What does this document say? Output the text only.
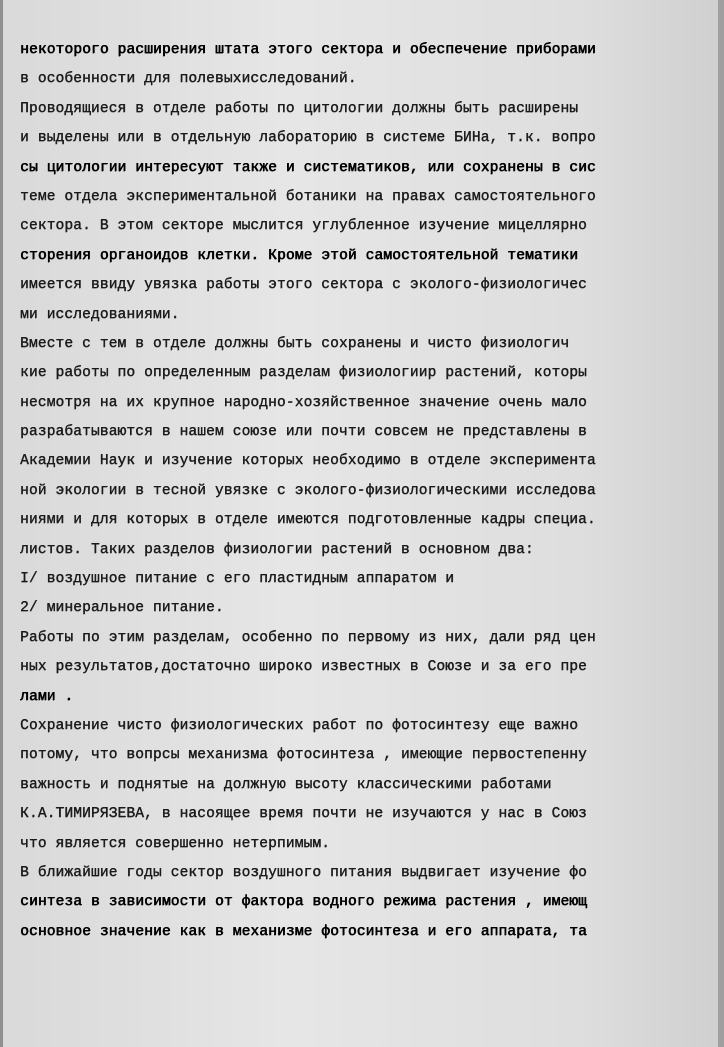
некоторого расширения штата этого сектора и обеспечение приборами
в особенности для полевыхисследований.
Проводящиеся в отделе работы по цитологии должны быть расширены
и выделены или в отдельную лабораторию в системе БИНа, т.к. вопро
сы цитологии интересуют также и систематиков, или сохранены в сис
теме отдела экспериментальной ботаники на правах самостоятельного
сектора. В этом секторе мыслится углубленное изучение мицеллярно
сторения органоидов клетки. Кроме этой самостоятельной тематики
имеется ввиду увязка работы этого сектора с эколого-физиологичес
ми исследованиями.
Вместе с тем в отделе должны быть сохранены и чисто физиологич
кие работы по определенным разделам физиологиир растений, которы
несмотря на их крупное народно-хозяйственное значение очень мало
разрабатываются в нашем союзе или почти совсем не представлены в
Академии Наук и изучение которых необходимо в отделе эксперимента
ной экологии в тесной увязке с эколого-физиологическими исследова
ниями и для которых в отделе имеются подготовленные кадры специа.
листов. Таких разделов физиологии растений в основном два:
I/ воздушное питание с его пластидным аппаратом и
2/ минеральное питание.
Работы по этим разделам, особенно по первому из них, дали ряд цен
ных результатов,достаточно широко известных в Союзе и за его пре
лами .
Сохранение чисто физиологических работ по фотосинтезу еще важно
потому, что вопрсы механизма фотосинтеза , имеющие первостепенну
важность и поднятые на должную высоту классическими работами
К.А.ТИМИРЯЗЕВА, в насоящее время почти не изучаются у нас в Союз
что является совершенно нетерпимым.
В ближайшие годы сектор воздушного питания выдвигает изучение фо
синтеза в зависимости от фактора водного режима растения , имеющ
основное значение как в механизме фотосинтеза и его аппарата, та
